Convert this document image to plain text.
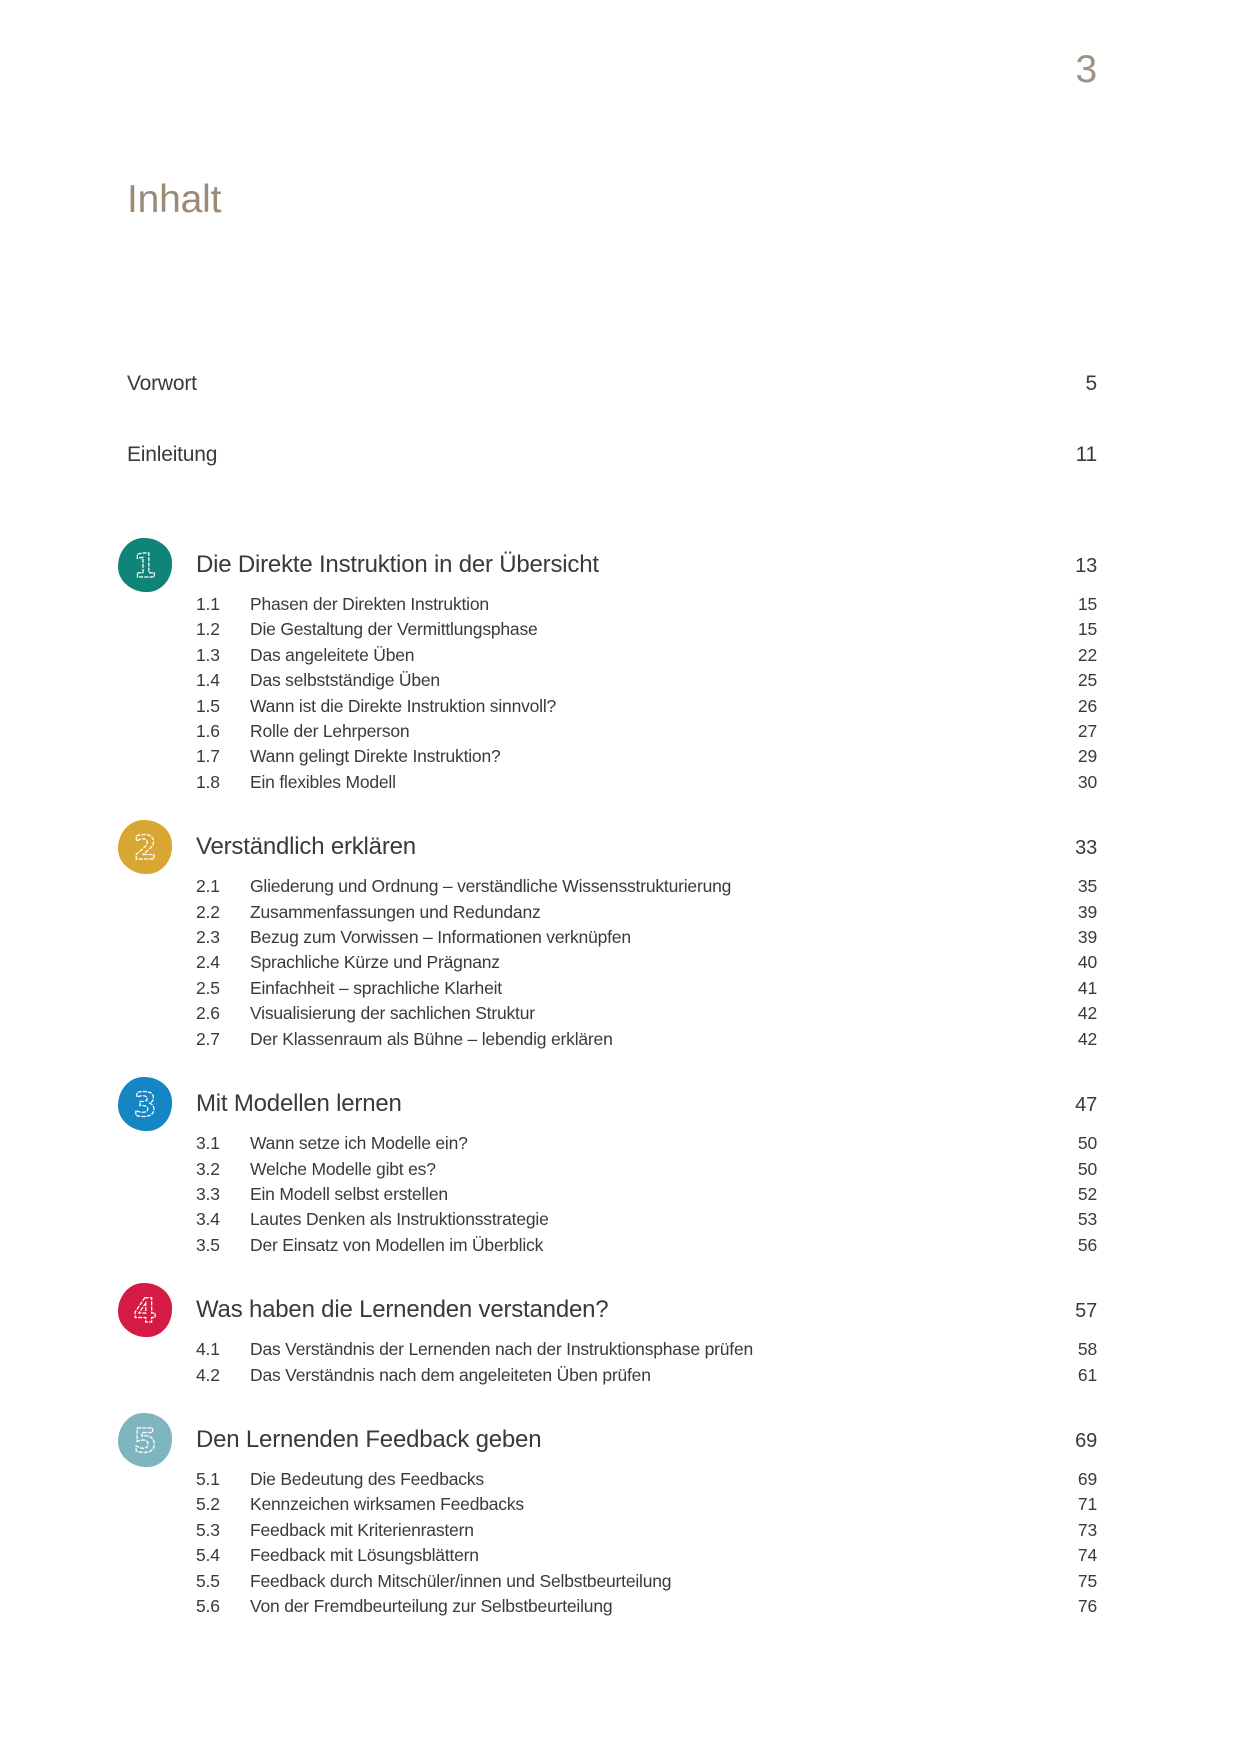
3
Inhalt
Vorwort	5
Einleitung	11
1 Die Direkte Instruktion in der Übersicht	13
1.1	Phasen der Direkten Instruktion	15
1.2	Die Gestaltung der Vermittlungsphase	15
1.3	Das angeleitete Üben	22
1.4	Das selbstständige Üben	25
1.5	Wann ist die Direkte Instruktion sinnvoll?	26
1.6	Rolle der Lehrperson	27
1.7	Wann gelingt Direkte Instruktion?	29
1.8	Ein flexibles Modell	30
2 Verständlich erklären	33
2.1	Gliederung und Ordnung – verständliche Wissensstrukturierung	35
2.2	Zusammenfassungen und Redundanz	39
2.3	Bezug zum Vorwissen – Informationen verknüpfen	39
2.4	Sprachliche Kürze und Prägnanz	40
2.5	Einfachheit – sprachliche Klarheit	41
2.6	Visualisierung der sachlichen Struktur	42
2.7	Der Klassenraum als Bühne – lebendig erklären	42
3 Mit Modellen lernen	47
3.1	Wann setze ich Modelle ein?	50
3.2	Welche Modelle gibt es?	50
3.3	Ein Modell selbst erstellen	52
3.4	Lautes Denken als Instruktionsstrategie	53
3.5	Der Einsatz von Modellen im Überblick	56
4 Was haben die Lernenden verstanden?	57
4.1	Das Verständnis der Lernenden nach der Instruktionsphase prüfen	58
4.2	Das Verständnis nach dem angeleiteten Üben prüfen	61
5 Den Lernenden Feedback geben	69
5.1	Die Bedeutung des Feedbacks	69
5.2	Kennzeichen wirksamen Feedbacks	71
5.3	Feedback mit Kriterienrastern	73
5.4	Feedback mit Lösungsblättern	74
5.5	Feedback durch Mitschüler/innen und Selbstbeurteilung	75
5.6	Von der Fremdbeurteilung zur Selbstbeurteilung	76
